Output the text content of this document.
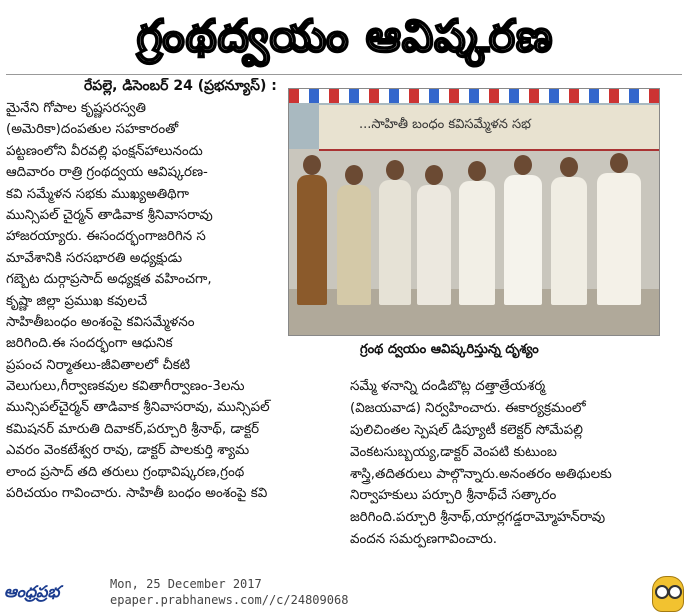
గ్రంథద్వయం ఆవిష్కరణ
రేపల్లె, డిసెంబర్ 24 (ప్రభన్యూస్) :
మైనేని గోపాల కృష్ణసరస్వతి
(అమెరికా)దంపతుల సహకారంతో
పట్టణంలోని వీరవల్లి ఫంక్షన్‌హాలునందు
ఆదివారం రాత్రి గ్రంథద్వయ ఆవిష్కరణ-
కవి సమ్మేళన సభకు ముఖ్యఅతిథిగా
మున్సిపల్ చైర్మన్ తాడివాక శ్రీనివాసరావు
హాజరయ్యారు. ఈసందర్భంగాజరిగిన స
మావేశానికి సరసభారతి అధ్యక్షుడు
గబ్బెట దుర్గాప్రసాద్ అధ్యక్షత వహించగా,
కృష్ణా జిల్లా ప్రముఖ కవులచే
సాహితీబంధం అంశంపై కవిసమ్మేళనం
జరిగింది.ఈ సందర్భంగా ఆధునిక
ప్రపంచ నిర్మాతలు-జీవితాలలో చీకటి
వెలుగులు,గీర్వాణకవుల కవితాగీర్వాణం-3లను
మున్సిపల్‌చైర్మన్ తాడివాక శ్రీనివాసరావు, మున్సిపల్
కమిషనర్ మారుతి దివాకర్,పర్చూరి శ్రీనాథ్, డాక్టర్
ఎవరం వెంకటేశ్వర రావు, డాక్టర్ పాలకుర్తి శ్యామ
లాంద ప్రసాద్ తది తరులు గ్రంథావిష్కరణ,గ్రంథ
పరిచయం గావించారు. సాహితీ బంధం అంశంపై కవి
...సాహితీ బంధం కవిసమ్మేళన సభ
గ్రంథ ద్వయం ఆవిష్కరిస్తున్న దృశ్యం
సమ్మే ళనాన్ని దండిబొట్ల దత్తాత్రేయశర్మ
(విజయవాడ) నిర్వహించారు. ఈకార్యక్రమంలో
పులిచింతల స్పెషల్ డిప్యూటీ కలెక్టర్ సోమేపల్లి
వెంకటసుబ్బయ్య,డాక్టర్ వెంపటి కుటుంబ
శాస్త్రి,తదితరులు పాల్గొన్నారు.అనంతరం అతిథులకు
నిర్వాహకులు పర్చూరి శ్రీనాథ్‌చే సత్కారం
జరిగింది.పర్చూరి శ్రీనాథ్,యార్లగడ్డరామ్మోహన్‌రావు
వందన సమర్పణగావించారు.
ఆంధ్రప్రభ	Mon, 25 December 2017
epaper.prabhanews.com//c/24809068
